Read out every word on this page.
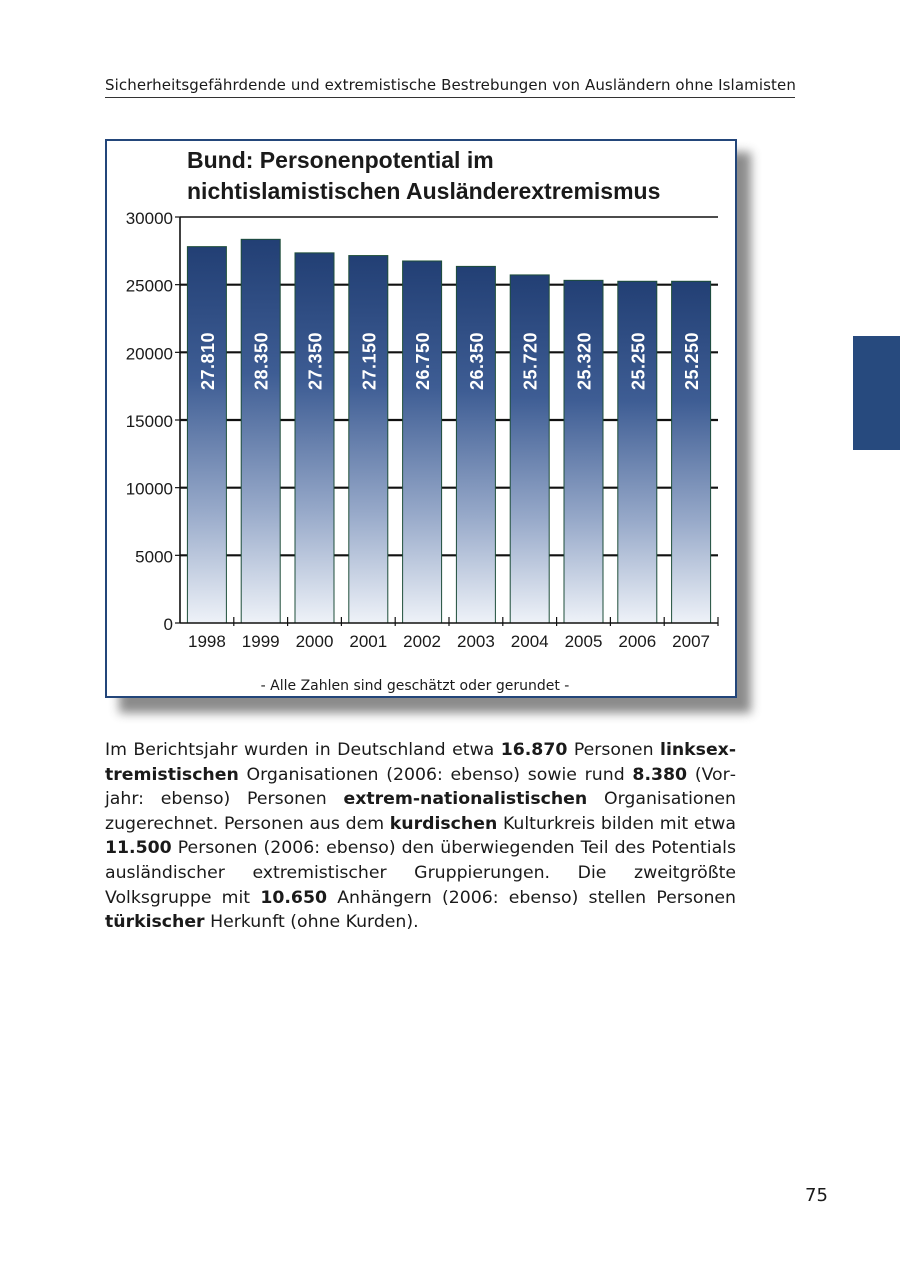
Sicherheitsgefährdende und extremistische Bestrebungen von Ausländern ohne Islamisten
Bund: Personenpotential im
nichtislamistischen Ausländerextremismus
0
5000
10000
15000
20000
25000
30000
27.810
1998
28.350
1999
27.350
2000
27.150
2001
26.750
2002
26.350
2003
25.720
2004
25.320
2005
25.250
2006
25.250
2007
- Alle Zahlen sind geschätzt oder gerundet -

Im Berichtsjahr wurden in Deutschland etwa 16.870 Personen linksextremistischen Organisationen (2006: ebenso) sowie rund 8.380 (Vorjahr: ebenso) Personen extrem-nationalistischen Organisationen zugerechnet. Personen aus dem kurdischen Kulturkreis bilden mit etwa 11.500 Personen (2006: ebenso) den überwiegenden Teil des Potentials ausländischer extremistischer Gruppierungen. Die zweitgrößte Volksgruppe mit 10.650 Anhängern (2006: ebenso) stellen Personen türkischer Herkunft (ohne Kurden).

75
